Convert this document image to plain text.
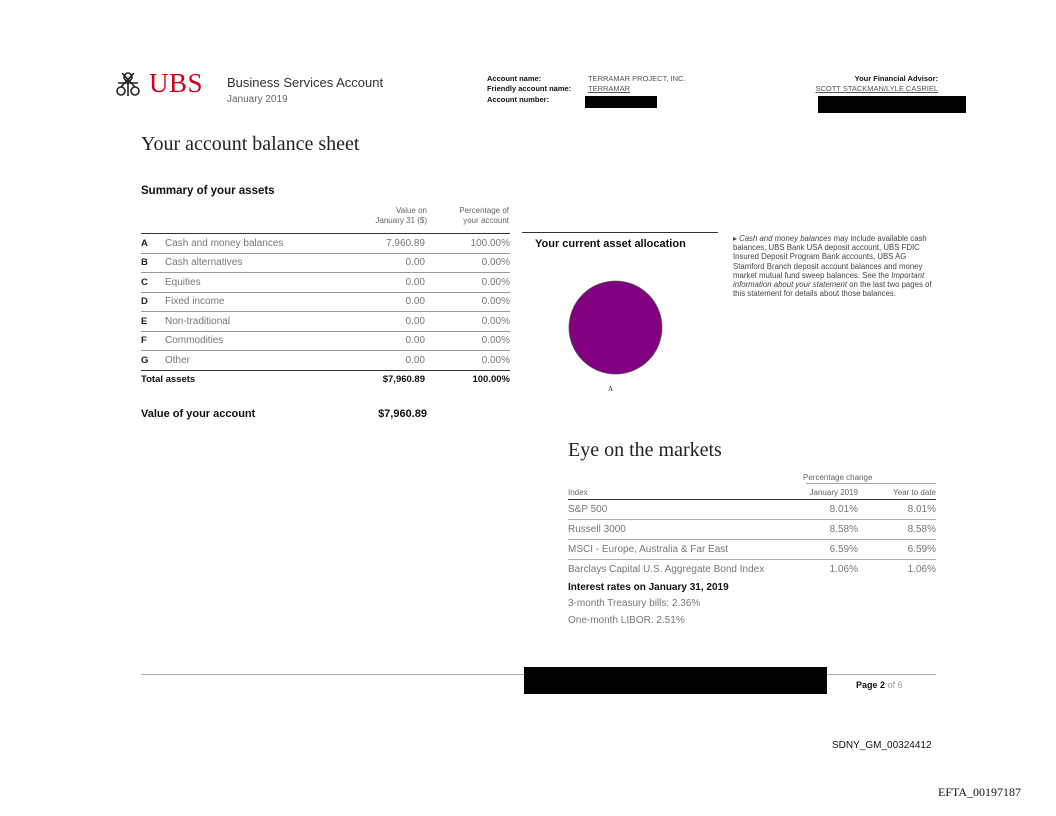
UBS Business Services Account
January 2019
Account name:	TERRAMAR PROJECT, INC.
Friendly account name: TERRAMAR
Account number:
Your Financial Advisor:
SCOTT STACKMAN/LYLE CASRIEL
Your account balance sheet
Summary of your assets
Value on
January 31 ($)
Percentage of
your account
A	Cash and money balances	7,960.89	100.00%
B	Cash alternatives	0.00	0.00%
C	Equities	0.00	0.00%
D	Fixed income	0.00	0.00%
E	Non-traditional	0.00	0.00%
F	Commodities	0.00	0.00%
G	Other	0.00	0.00%
Total assets		$7,960.89	100.00%
Value of your account	$7,960.89
Your current asset allocation
A
▸ Cash and money balances may include available cash balances, UBS Bank USA deposit account, UBS FDIC Insured Deposit Program Bank accounts, UBS AG Stamford Branch deposit account balances and money market mutual fund sweep balances. See the Important information about your statement on the last two pages of this statement for details about those balances.
Eye on the markets
Percentage change
Index	January 2019	Year to date
S&P 500	8.01%	8.01%
Russell 3000	8.58%	8.58%
MSCI - Europe, Australia & Far East	6.59%	6.59%
Barclays Capital U.S. Aggregate Bond Index	1.06%	1.06%
Interest rates on January 31, 2019
3-month Treasury bills: 2.36%
One-month LIBOR: 2.51%
Page 2 of 6
SDNY_GM_00324412
EFTA_00197187
